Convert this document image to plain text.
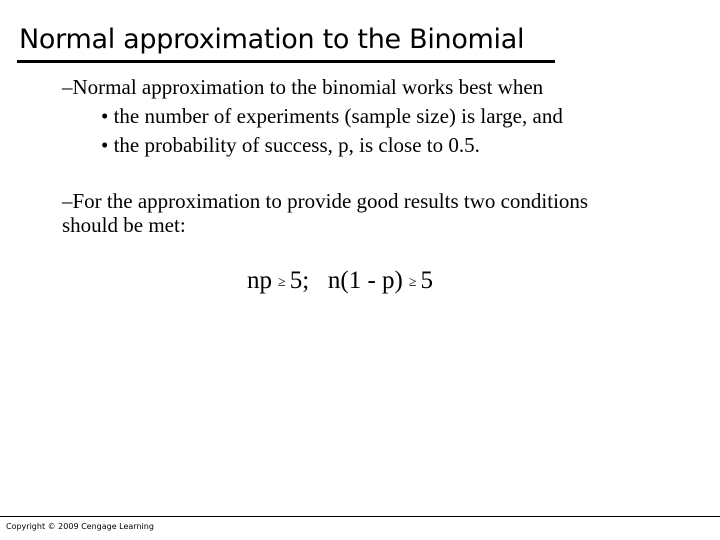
Normal approximation to the Binomial
–Normal approximation to the binomial works best when
• the number of experiments (sample size) is large, and
• the probability of success, p, is close to 0.5.
–For the approximation to provide good results two conditions
should be met:
np ≥ 5;   n(1 - p) ≥ 5
Copyright © 2009 Cengage Learning
